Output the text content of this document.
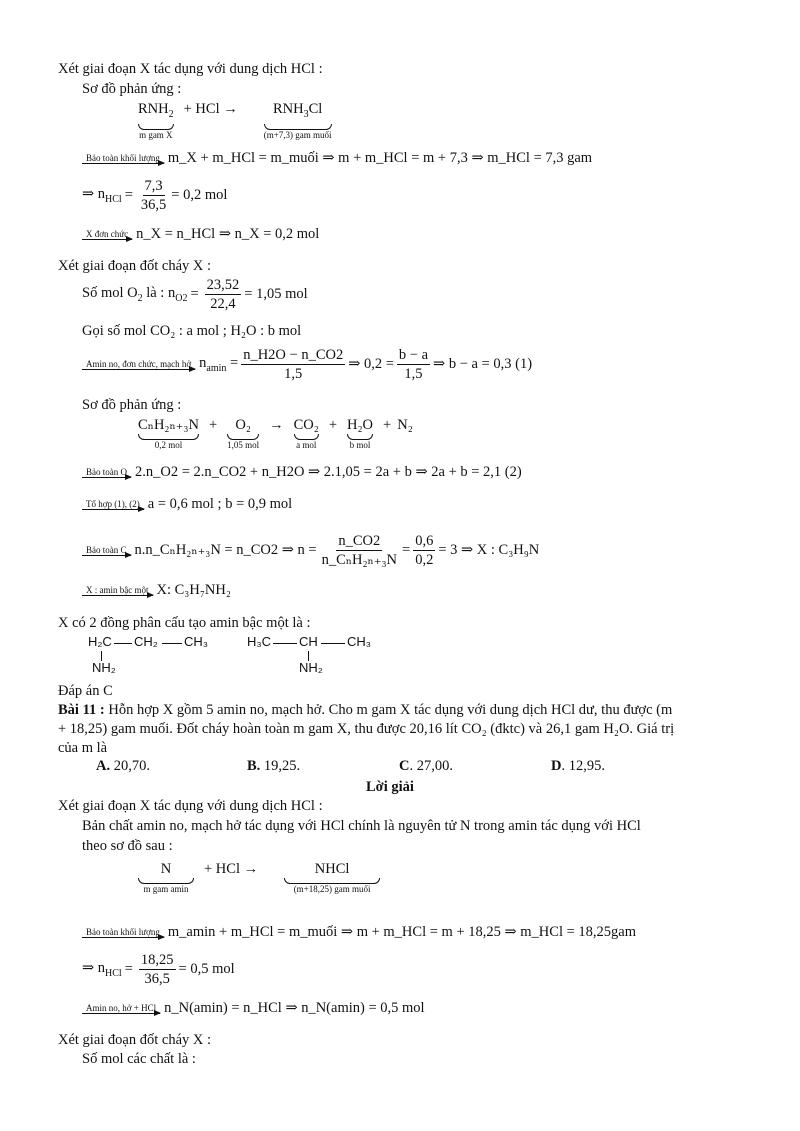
Xét giai đoạn X tác dụng với dung dịch HCl :
Sơ đồ phản ứng :
$RNH_2$
m gam X
+ HCl → $RNH_3Cl$
(m+7,3) gam muối
Bảo toàn khối lượng m_X + m_HCl = m_muối ⇒ m + m_HCl = m + 7,3 ⇒ m_HCl = 7,3 gam
⇒ $n_{HCl} = \frac{7,3}{36,5} = 0,2$ mol
X đơn chức n_X = n_HCl ⇒ n_X = 0,2 mol
Xét giai đoạn đốt cháy X :
Số mol $O_2$ là : $n_{O2} = \frac{23,52}{22,4} = 1,05$ mol
Gọi số mol CO₂ : a mol ; H₂O : b mol
Amin no, đơn chức, mạch hở $n_{amin} = \frac{n\_H2O - n\_CO2}{1,5}$ ⇒ $0,2 = \frac{b - a}{1,5}$ ⇒ b − a = 0,3 (1)
Sơ đồ phản ứng :
CₙH₂ₙ₊₃N
0,2 mol
+ O₂
1,05 mol
→ CO₂
a mol
+ H₂O
b mol
+ N₂
Bảo toàn O 2.n_O2 = 2.n_CO2 + n_H2O ⇒ 2.1,05 = 2a + b ⇒ 2a + b = 2,1 (2)
Tổ hợp (1), (2) a = 0,6 mol ; b = 0,9 mol
Bảo toàn C n.n_CₙH₂ₙ₊₃N = n_CO2 ⇒ $n = \frac{n\_CO2}{\text{n\_CₙH₂ₙ₊₃N}} = \frac{0,6}{0,2} = 3$ ⇒ X : C₃H₉N
X : amin bậc một X: C₃H₇NH₂
X có 2 đồng phân cấu tạo amin bậc một là :
H₂C CH₂ CH₃
NH₂
H₃C CH CH₃
NH₂
Đáp án C
Bài 11 : Hỗn hợp X gồm 5 amin no, mạch hở. Cho m gam X tác dụng với dung dịch HCl dư, thu được (m
+ 18,25) gam muối. Đốt cháy hoàn toàn m gam X, thu được 20,16 lít CO₂ (đktc) và 26,1 gam H₂O. Giá trị
của m là
A. 20,70.	B. 19,25.	C. 27,00.	D. 12,95.
Lời giải
Xét giai đoạn X tác dụng với dung dịch HCl :
Bản chất amin no, mạch hở tác dụng với HCl chính là nguyên tử N trong amin tác dụng với HCl
theo sơ đồ sau :
N
m gam amin
+ HCl →	NHCl
(m+18,25) gam muối
Bảo toàn khối lượng m_amin + m_HCl = m_muối ⇒ m + m_HCl = m + 18,25 ⇒ m_HCl = 18,25gam
⇒ $n_{HCl} = \frac{18,25}{36,5} = 0,5$ mol
Amin no, hở + HCl n_N(amin) = n_HCl ⇒ n_N(amin) = 0,5 mol
Xét giai đoạn đốt cháy X :
Số mol các chất là :
